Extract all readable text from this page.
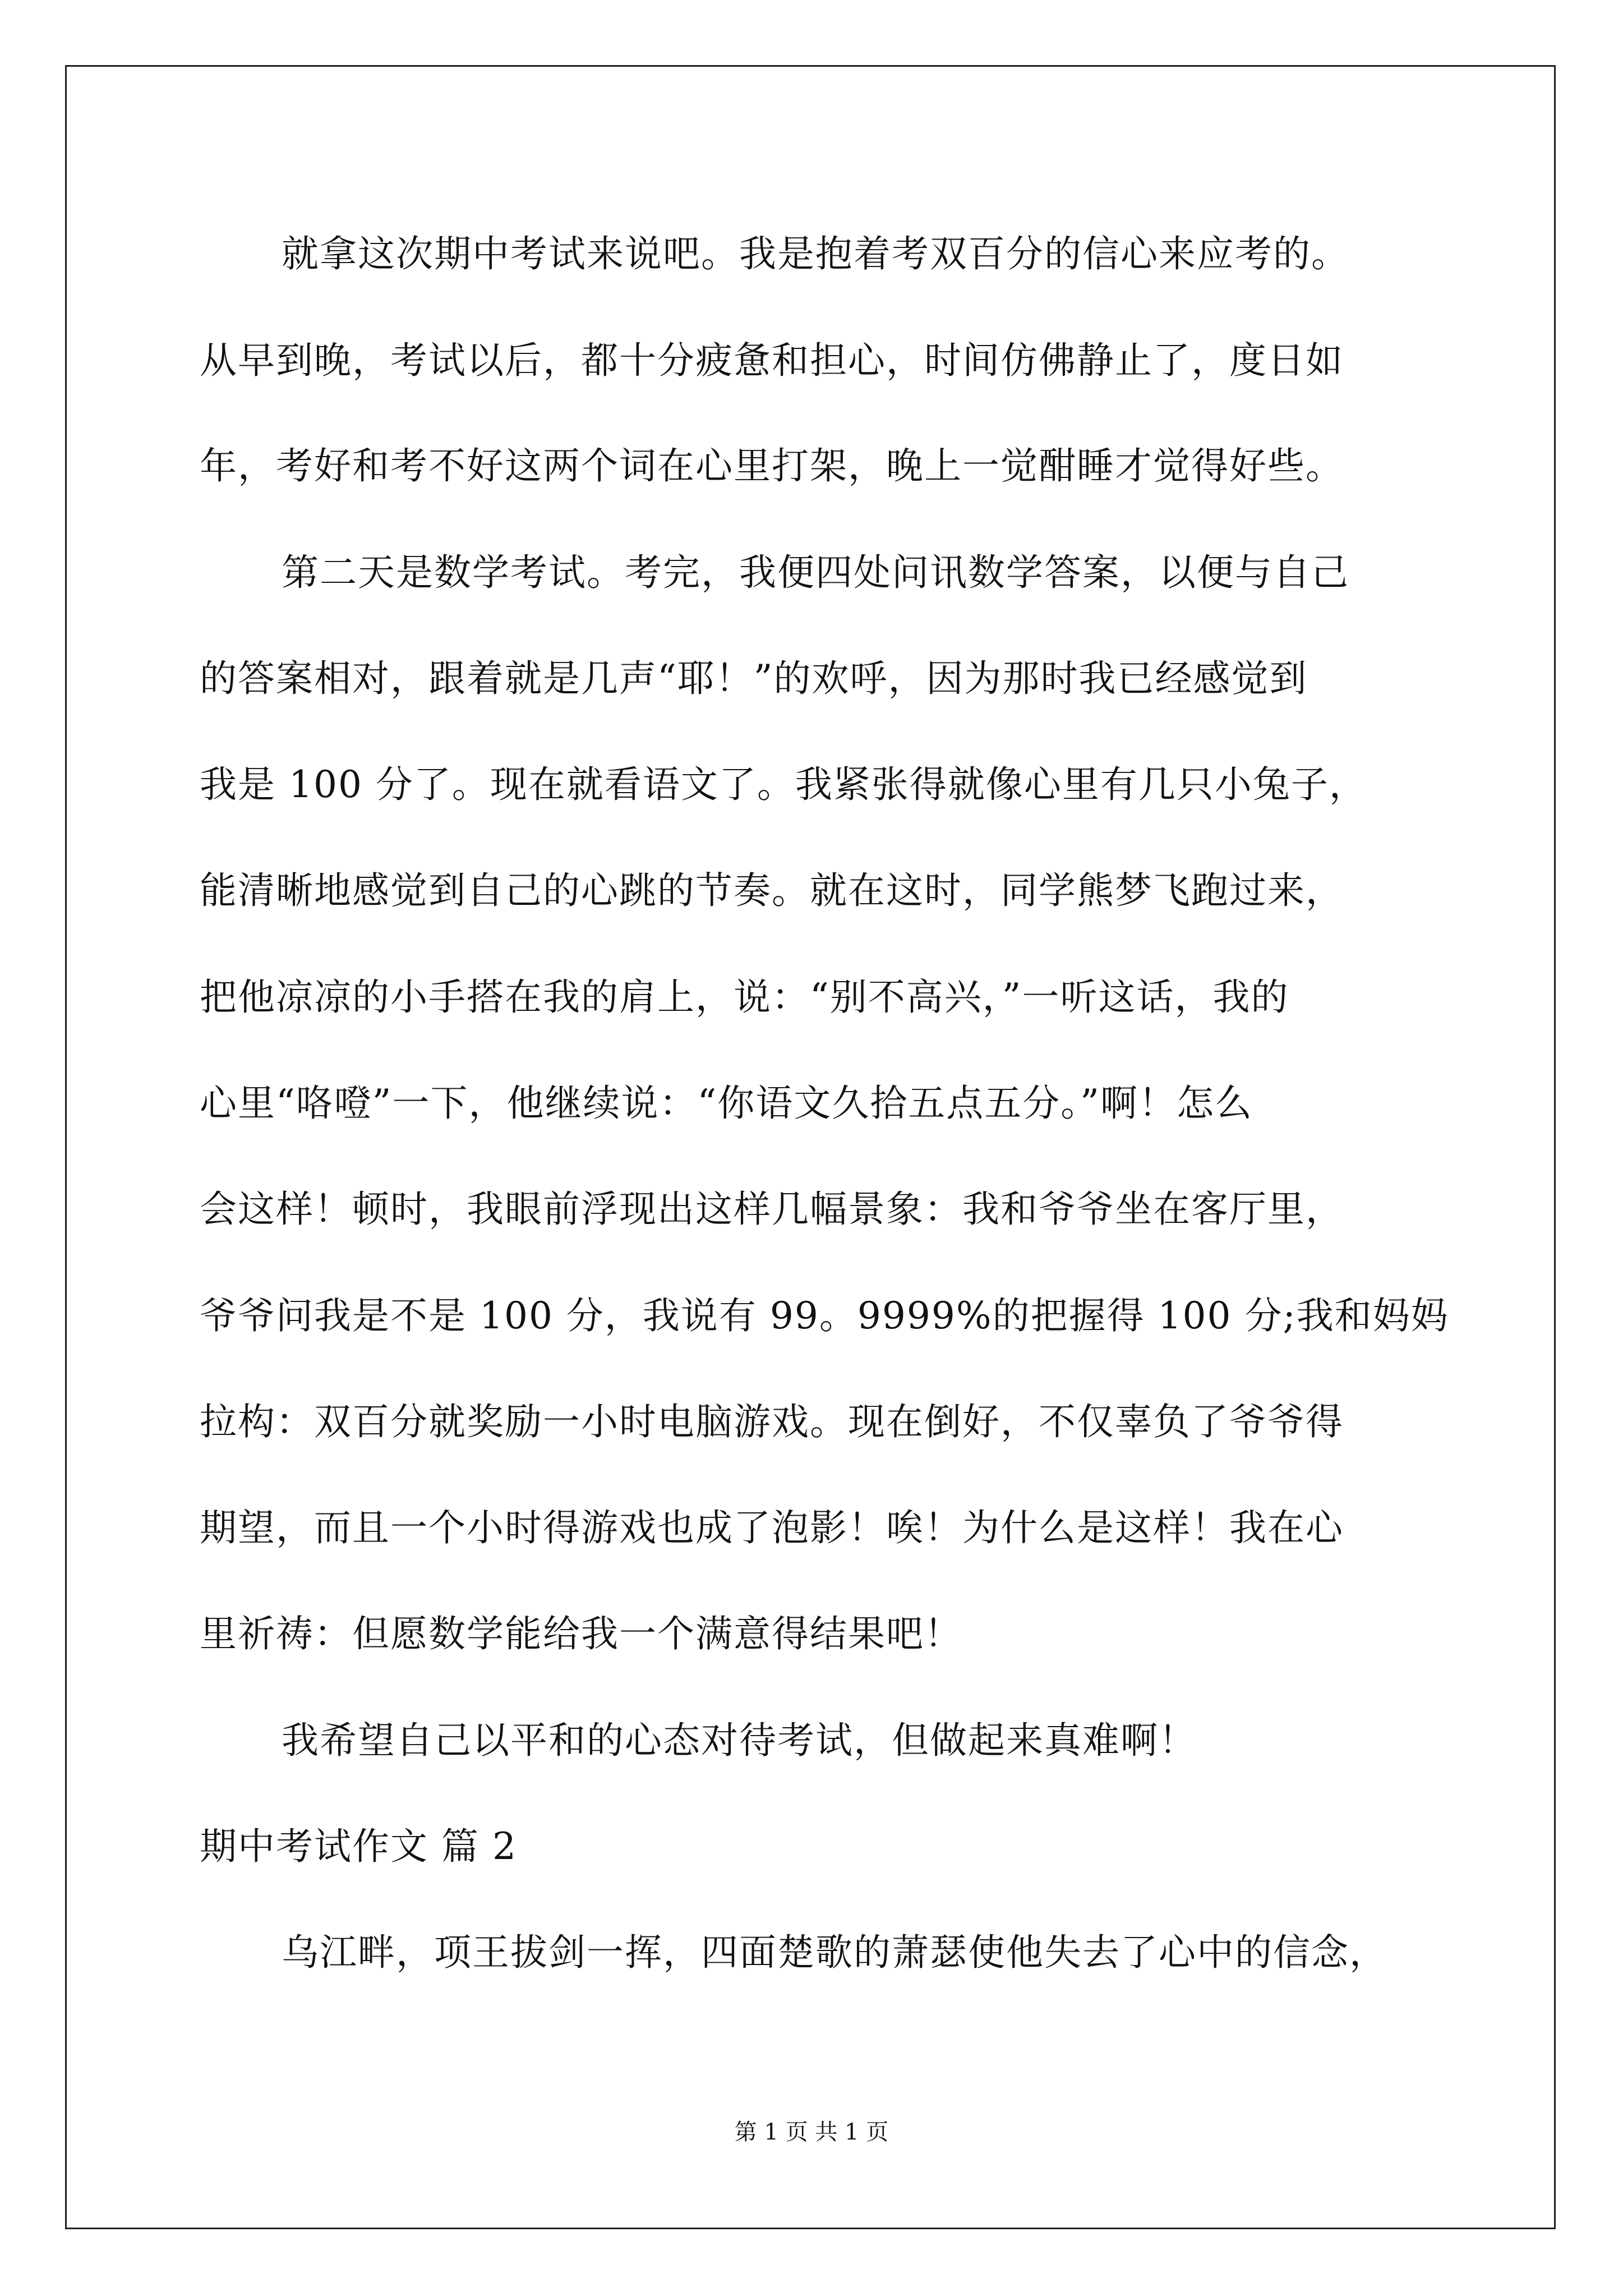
就拿这次期中考试来说吧。我是抱着考双百分的信心来应考的。
从早到晚，考试以后，都十分疲惫和担心，时间仿佛静止了，度日如
年，考好和考不好这两个词在心里打架，晚上一觉酣睡才觉得好些。
第二天是数学考试。考完，我便四处问讯数学答案，以便与自己
的答案相对，跟着就是几声“耶！”的欢呼，因为那时我已经感觉到
我是 100 分了。现在就看语文了。我紧张得就像心里有几只小兔子，
能清晰地感觉到自己的心跳的节奏。就在这时，同学熊梦飞跑过来，
把他凉凉的小手搭在我的肩上，说：“别不高兴，”一听这话，我的
心里“咯噔”一下，他继续说：“你语文久拾五点五分。”啊！怎么
会这样！顿时，我眼前浮现出这样几幅景象：我和爷爷坐在客厅里，
爷爷问我是不是 100 分，我说有 99。9999%的把握得 100 分;我和妈妈
拉构：双百分就奖励一小时电脑游戏。现在倒好，不仅辜负了爷爷得
期望，而且一个小时得游戏也成了泡影！唉！为什么是这样！我在心
里祈祷：但愿数学能给我一个满意得结果吧！
我希望自己以平和的心态对待考试，但做起来真难啊！
期中考试作文 篇 2
乌江畔，项王拔剑一挥，四面楚歌的萧瑟使他失去了心中的信念，
第 1 页 共 1 页
